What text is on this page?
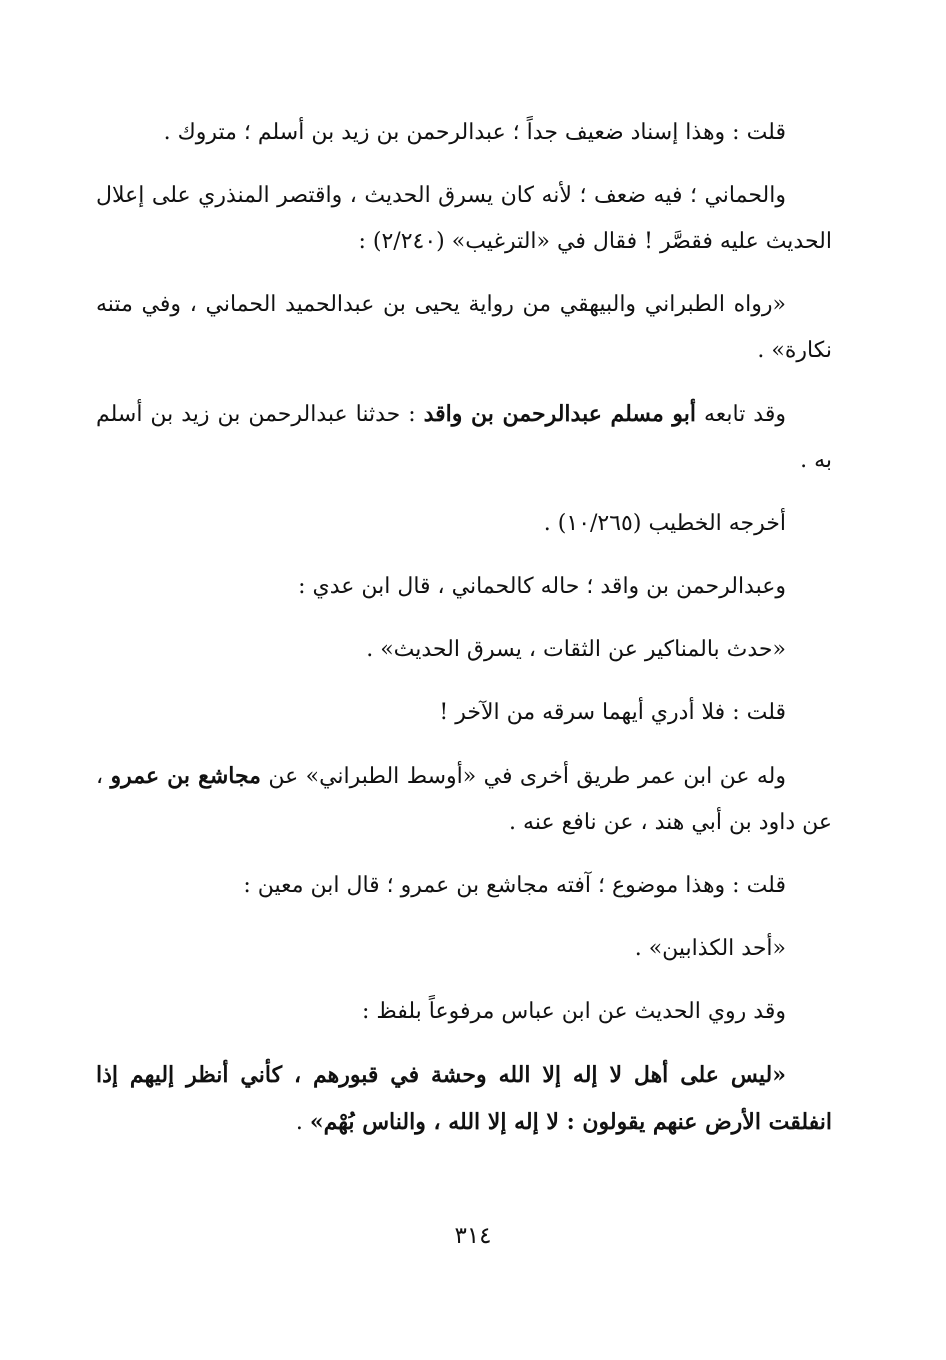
قلت : وهذا إسناد ضعيف جداً ؛ عبدالرحمن بن زيد بن أسلم ؛ متروك .

والحماني ؛ فيه ضعف ؛ لأنه كان يسرق الحديث ، واقتصر المنذري على إعلال الحديث عليه فقصَّر ! فقال في «الترغيب» (٢/٢٤٠) :

«رواه الطبراني والبيهقي من رواية يحيى بن عبدالحميد الحماني ، وفي متنه نكارة» .

وقد تابعه أبو مسلم عبدالرحمن بن واقد : حدثنا عبدالرحمن بن زيد بن أسلم به .

أخرجه الخطيب (١٠/٢٦٥) .

وعبدالرحمن بن واقد ؛ حاله كالحماني ، قال ابن عدي :

«حدث بالمناكير عن الثقات ، يسرق الحديث» .

قلت : فلا أدري أيهما سرقه من الآخر !

وله عن ابن عمر طريق أخرى في «أوسط الطبراني» عن مجاشع بن عمرو ، عن داود بن أبي هند ، عن نافع عنه .

قلت : وهذا موضوع ؛ آفته مجاشع بن عمرو ؛ قال ابن معين :

«أحد الكذابين» .

وقد روي الحديث عن ابن عباس مرفوعاً بلفظ :

«ليس على أهل لا إله إلا الله وحشة في قبورهم ، كأني أنظر إليهم إذا انفلقت الأرض عنهم يقولون : لا إله إلا الله ، والناس بُهْم» .

٣١٤
